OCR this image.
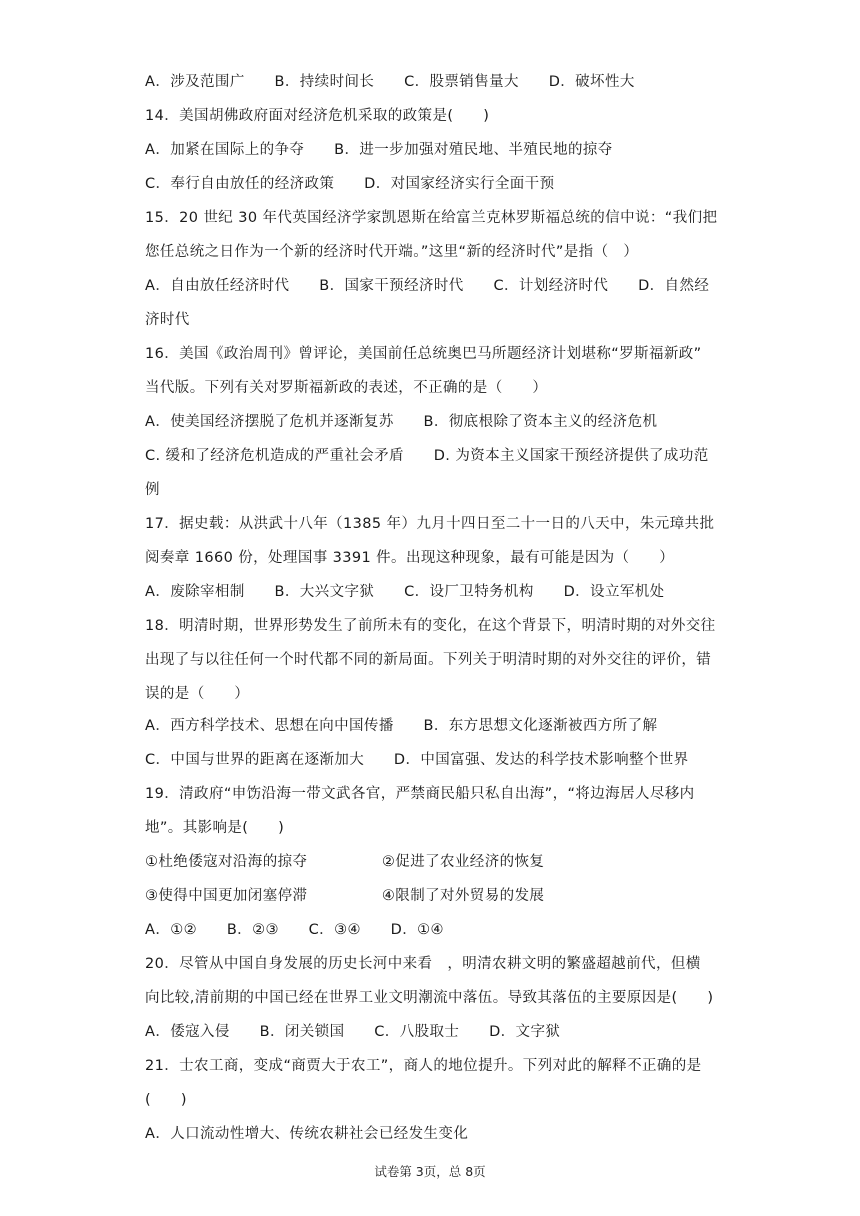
A．涉及范围广　　B．持续时间长　　C．股票销售量大　　D．破坏性大
14．美国胡佛政府面对经济危机采取的政策是(　　)
A．加紧在国际上的争夺　　B．进一步加强对殖民地、半殖民地的掠夺
C．奉行自由放任的经济政策　　D．对国家经济实行全面干预
15．20 世纪 30 年代英国经济学家凯恩斯在给富兰克林罗斯福总统的信中说：“我们把
您任总统之日作为一个新的经济时代开端。”这里“新的经济时代”是指（　）
A．自由放任经济时代　　B．国家干预经济时代　　C．计划经济时代　　D．自然经
济时代
16．美国《政治周刊》曾评论，美国前任总统奥巴马所题经济计划堪称“罗斯福新政”
当代版。下列有关对罗斯福新政的表述，不正确的是（　　）
A．使美国经济摆脱了危机并逐渐复苏　　B．彻底根除了资本主义的经济危机
C. 缓和了经济危机造成的严重社会矛盾　　D. 为资本主义国家干预经济提供了成功范
例
17．据史载：从洪武十八年（1385 年）九月十四日至二十一日的八天中，朱元璋共批
阅奏章 1660 份，处理国事 3391 件。出现这种现象，最有可能是因为（　　）
A．废除宰相制　　B．大兴文字狱　　C．设厂卫特务机构　　D．设立军机处
18．明清时期，世界形势发生了前所未有的变化，在这个背景下，明清时期的对外交往
出现了与以往任何一个时代都不同的新局面。下列关于明清时期的对外交往的评价，错
误的是（　　）
A．西方科学技术、思想在向中国传播　　B．东方思想文化逐渐被西方所了解
C．中国与世界的距离在逐渐加大　　D．中国富强、发达的科学技术影响整个世界
19．清政府“申饬沿海一带文武各官，严禁商民船只私自出海”，“将边海居人尽移内
地”。其影响是(　　)
①杜绝倭寇对沿海的掠夺　　　　　②促进了农业经济的恢复
③使得中国更加闭塞停滞　　　　　④限制了对外贸易的发展
A．①②　　B．②③　　C．③④　　D．①④
20．尽管从中国自身发展的历史长河中来看　，明清农耕文明的繁盛超越前代，但横
向比较,清前期的中国已经在世界工业文明潮流中落伍。导致其落伍的主要原因是(　　)
A．倭寇入侵　　B．闭关锁国　　C．八股取士　　D．文字狱
21．士农工商，变成“商贾大于农工”，商人的地位提升。下列对此的解释不正确的是
(　　)
A．人口流动性增大、传统农耕社会已经发生变化
试卷第 3页，总 8页
